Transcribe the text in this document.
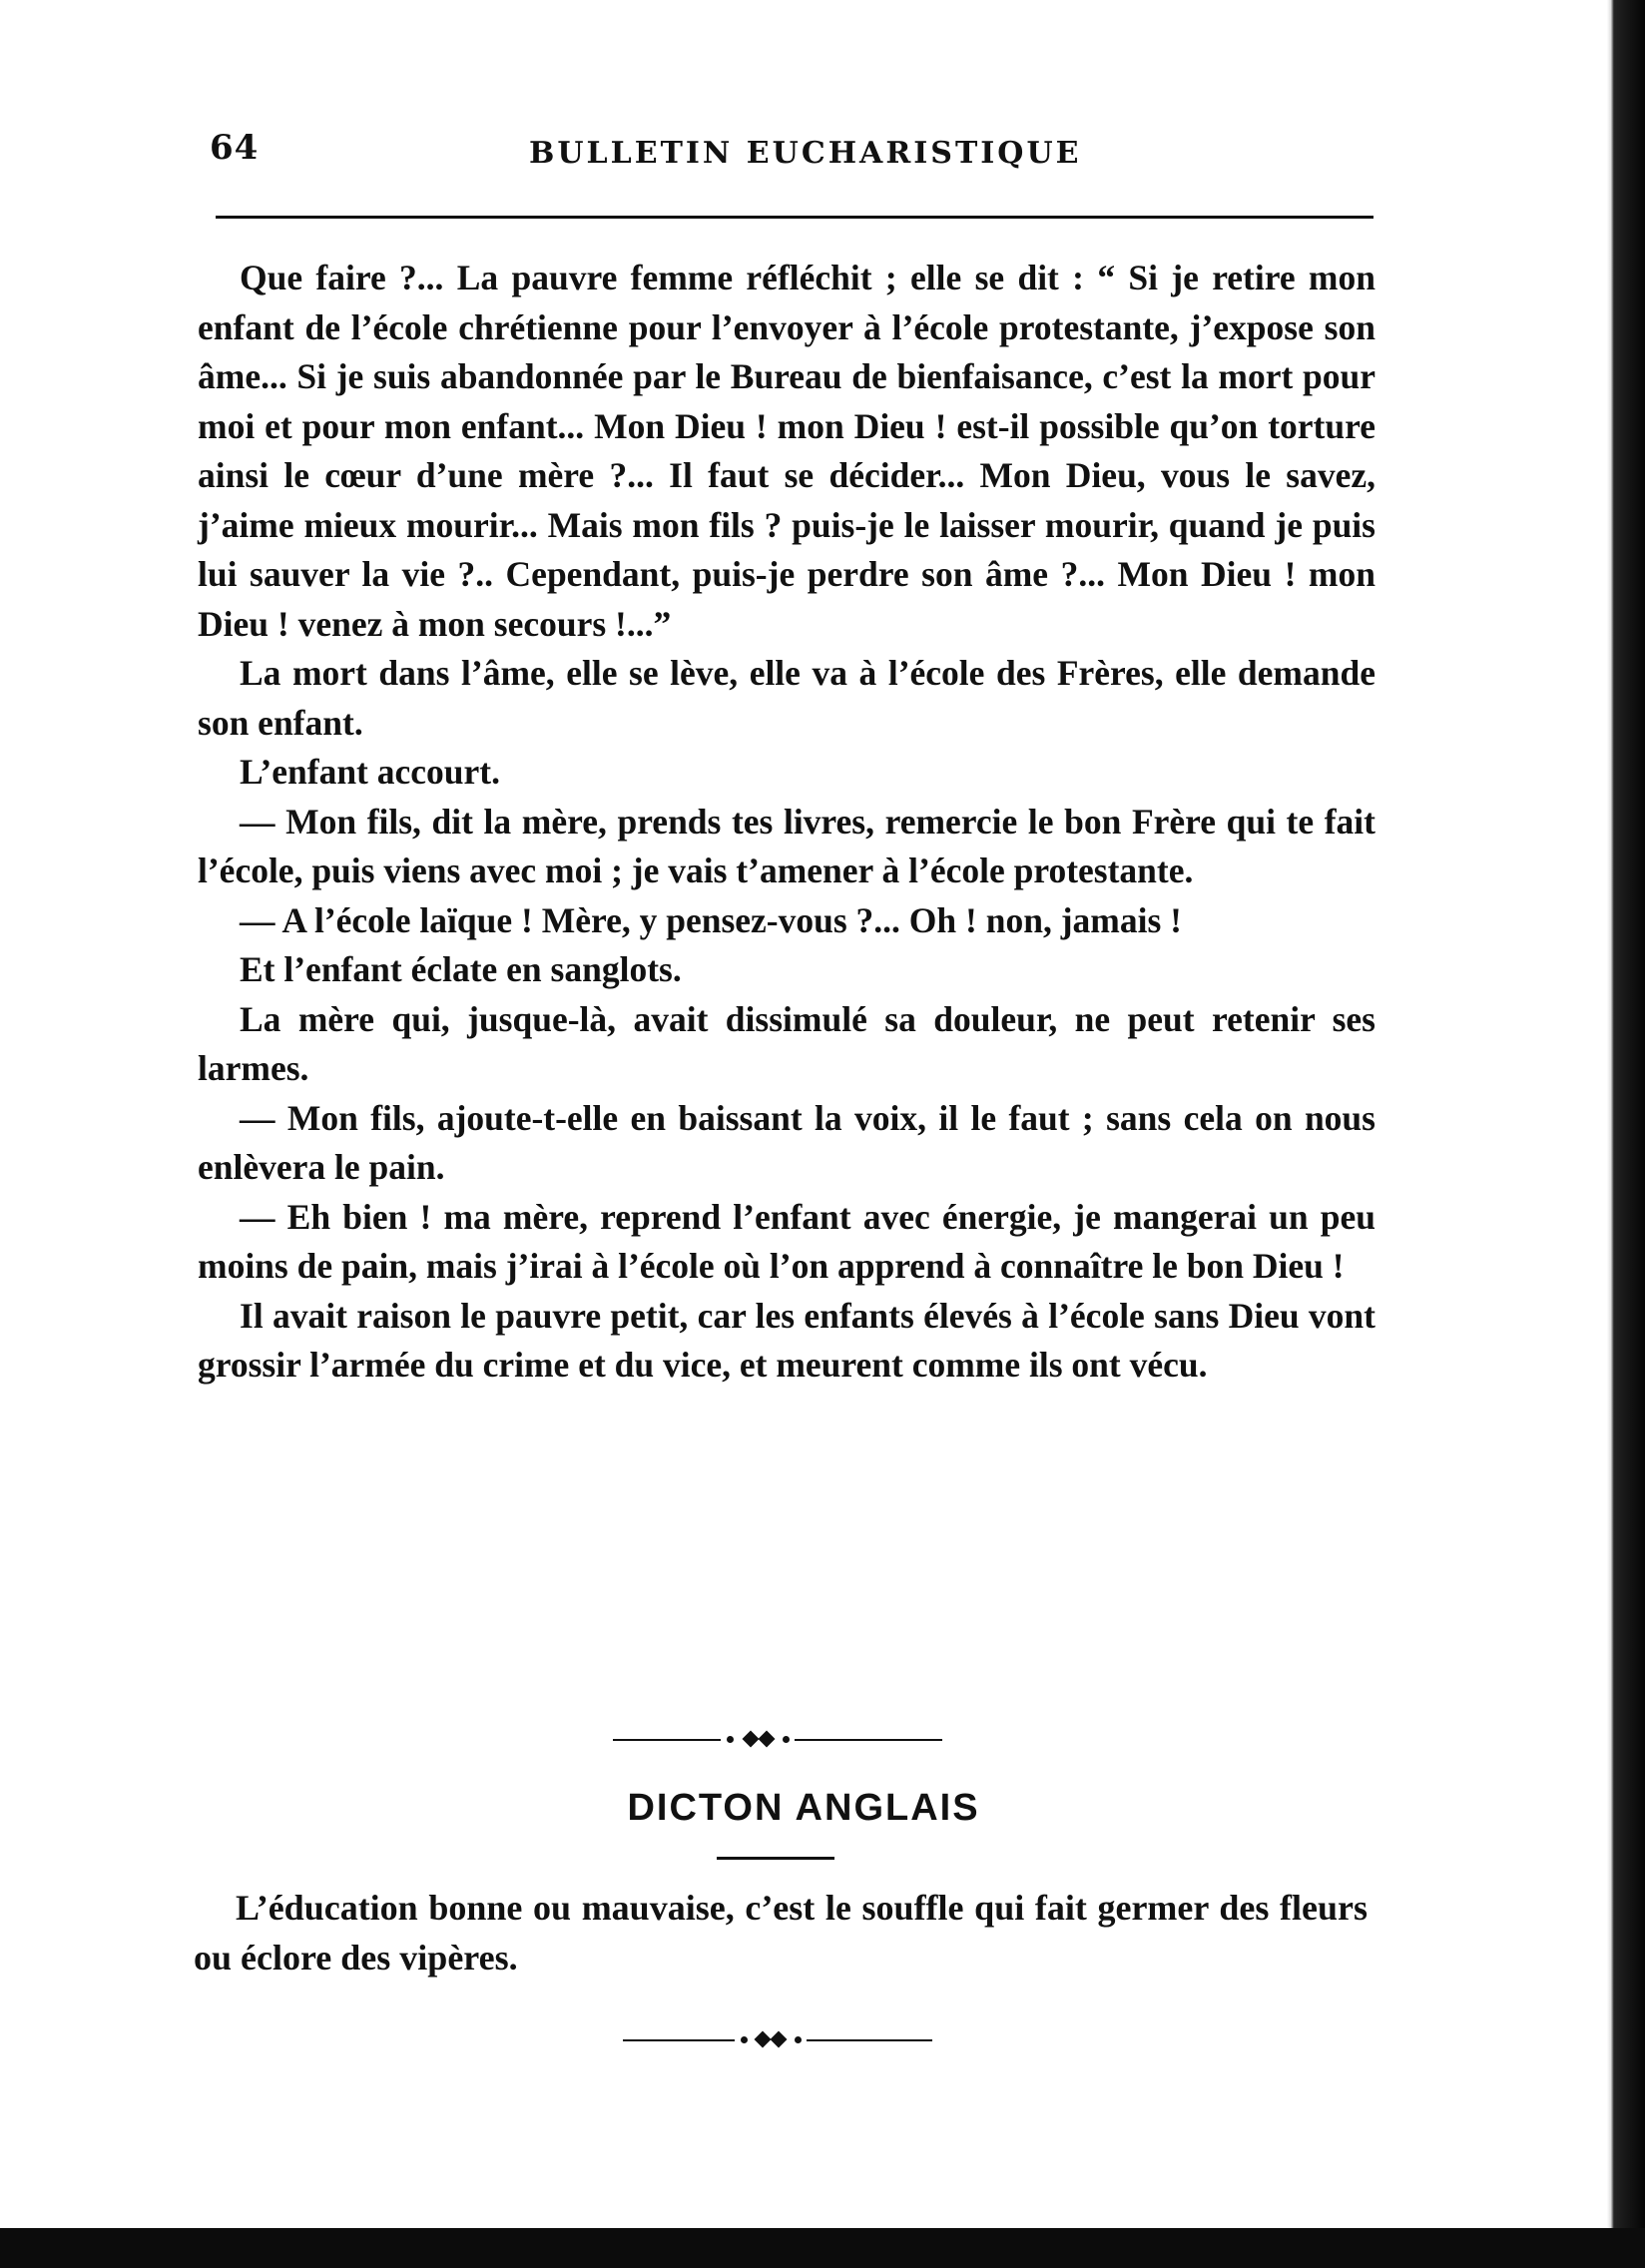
64	BULLETIN EUCHARISTIQUE

Que faire ?... La pauvre femme réfléchit ; elle se dit : “ Si je retire mon enfant de l’école chrétienne pour l’envoyer à l’école protestante, j’expose son âme... Si je suis abandonnée par le Bureau de bienfaisance, c’est la mort pour moi et pour mon enfant... Mon Dieu ! mon Dieu ! est-il possible qu’on torture ainsi le cœur d’une mère ?... Il faut se décider... Mon Dieu, vous le savez, j’aime mieux mourir... Mais mon fils ? puis-je le laisser mourir, quand je puis lui sauver la vie ?.. Cependant, puis-je perdre son âme ?... Mon Dieu ! mon Dieu ! venez à mon secours !...”

La mort dans l’âme, elle se lève, elle va à l’école des Frères, elle demande son enfant.

L’enfant accourt.

— Mon fils, dit la mère, prends tes livres, remercie le bon Frère qui te fait l’école, puis viens avec moi ; je vais t’amener à l’école protestante.

— A l’école laïque ! Mère, y pensez-vous ?... Oh ! non, jamais !

Et l’enfant éclate en sanglots.

La mère qui, jusque-là, avait dissimulé sa douleur, ne peut retenir ses larmes.

— Mon fils, ajoute-t-elle en baissant la voix, il le faut ; sans cela on nous enlèvera le pain.

— Eh bien ! ma mère, reprend l’enfant avec énergie, je mangerai un peu moins de pain, mais j’irai à l’école où l’on apprend à connaître le bon Dieu !

Il avait raison le pauvre petit, car les enfants élevés à l’école sans Dieu vont grossir l’armée du crime et du vice, et meurent comme ils ont vécu.

DICTON ANGLAIS

L’éducation bonne ou mauvaise, c’est le souffle qui fait germer des fleurs ou éclore des vipères.
